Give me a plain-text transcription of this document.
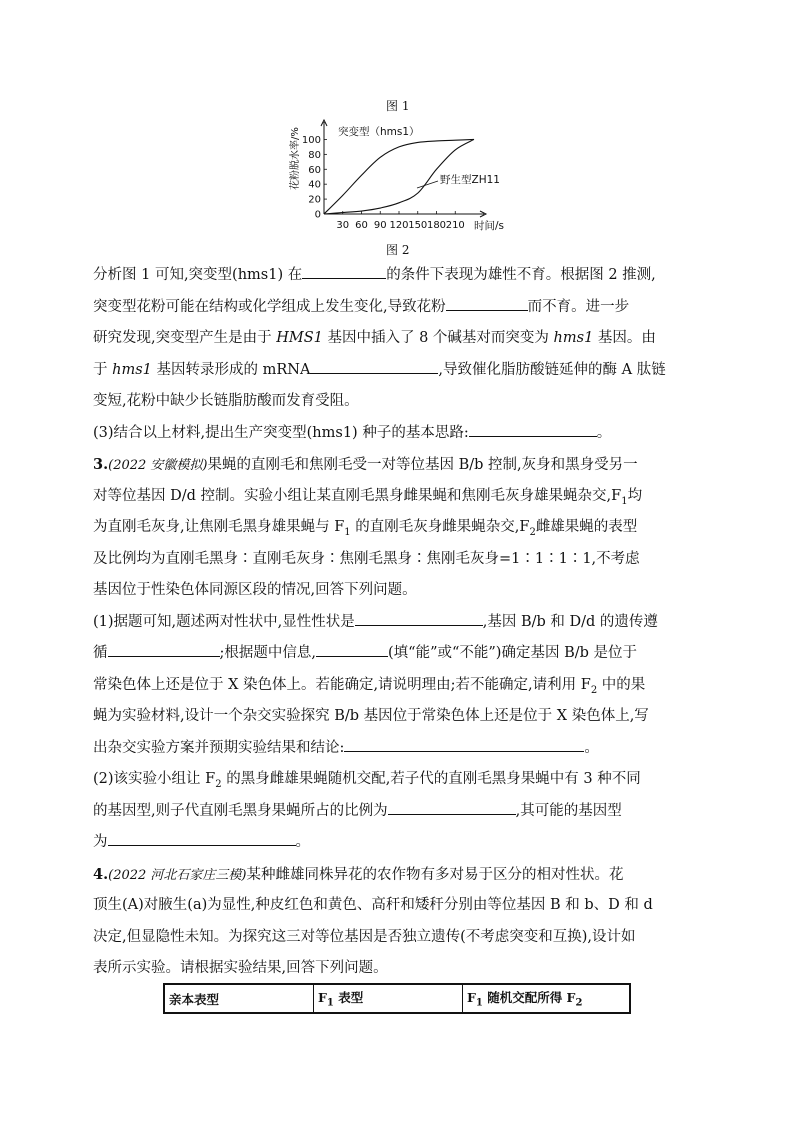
图 1
0
20
40
60
80
100
30 60 90 120 150 180 210
花粉脱水率/%
时间/s
突变型（hms1）
野生型ZH11
图 2
分析图 1 可知,突变型(hms1) 在	的条件下表现为雄性不育。根据图 2 推测,
突变型花粉可能在结构或化学组成上发生变化,导致花粉	而不育。进一步
研究发现,突变型产生是由于 HMS1 基因中插入了 8 个碱基对而突变为 hms1 基因。由
于 hms1 基因转录形成的 mRNA	,导致催化脂肪酸链延伸的酶 A 肽链
变短,花粉中缺少长链脂肪酸而发育受阻。
(3)结合以上材料,提出生产突变型(hms1) 种子的基本思路:	。
3.(2022 安徽模拟)果蝇的直刚毛和焦刚毛受一对等位基因 B/b 控制,灰身和黑身受另一
对等位基因 D/d 控制。实验小组让某直刚毛黑身雌果蝇和焦刚毛灰身雄果蝇杂交$,F_1$均
为直刚毛灰身,让焦刚毛黑身雄果蝇与 $F_1$ 的直刚毛灰身雌果蝇杂交$,F_2$雌雄果蝇的表型
及比例均为直刚毛黑身∶直刚毛灰身∶焦刚毛黑身∶焦刚毛灰身=1∶1∶1∶1,不考虑
基因位于性染色体同源区段的情况,回答下列问题。
(1)据题可知,题述两对性状中,显性性状是	,基因 B/b 和 D/d 的遗传遵
循	;根据题中信息,	(填“能”或“不能”)确定基因 B/b 是位于
常染色体上还是位于 X 染色体上。若能确定,请说明理由;若不能确定,请利用 $F_2$ 中的果
蝇为实验材料,设计一个杂交实验探究 B/b 基因位于常染色体上还是位于 X 染色体上,写
出杂交实验方案并预期实验结果和结论:	。
(2)该实验小组让 $F_2$ 的黑身雌雄果蝇随机交配,若子代的直刚毛黑身果蝇中有 3 种不同
的基因型,则子代直刚毛黑身果蝇所占的比例为	,其可能的基因型
为	。
4.(2022 河北石家庄三模)某种雌雄同株异花的农作物有多对易于区分的相对性状。花
顶生(A)对腋生(a)为显性,种皮红色和黄色、高秆和矮秆分别由等位基因 B 和 b、D 和 d
决定,但显隐性未知。为探究这三对等位基因是否独立遗传(不考虑突变和互换),设计如
表所示实验。请根据实验结果,回答下列问题。
亲本表型	$F_1$ 表型	$F_1$ 随机交配所得 $F_2$
